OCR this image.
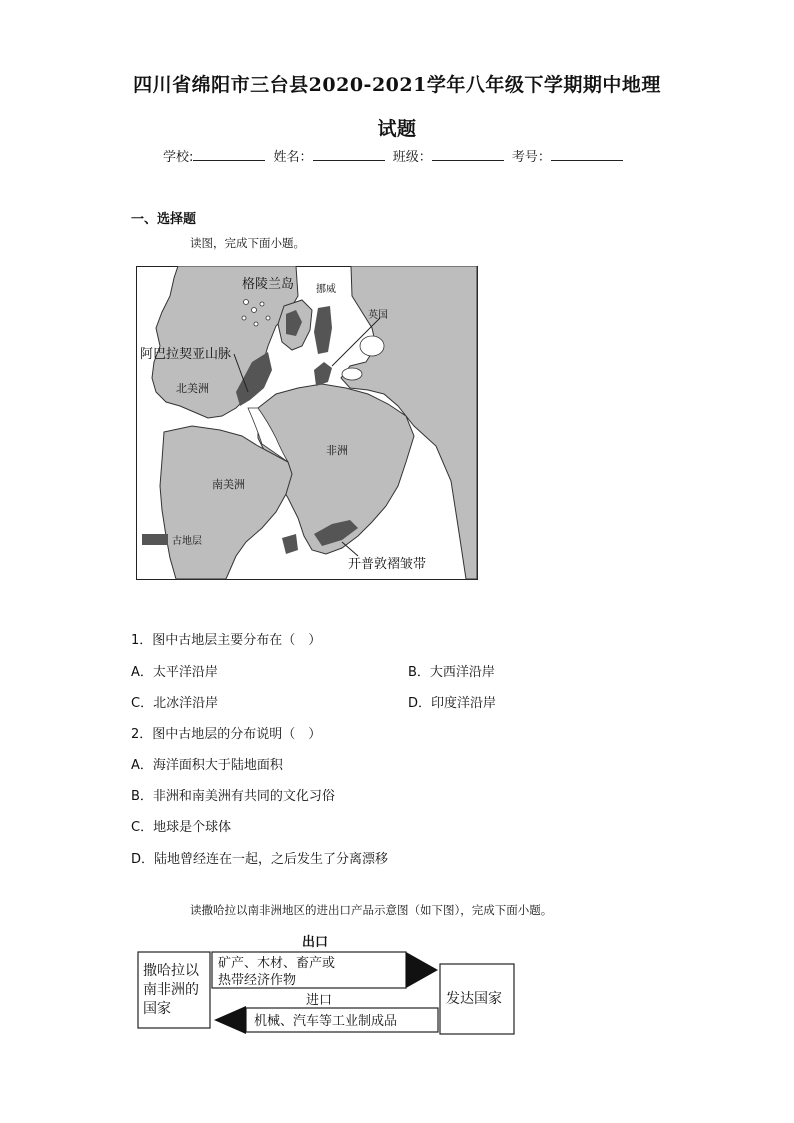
四川省绵阳市三台县2020-2021学年八年级下学期期中地理
试题
学校:	姓名：	班级：	考号：
一、选择题
读图，完成下面小题。
格陵兰岛 挪威
英国
阿巴拉契亚山脉
北美洲
非洲
南美洲
古地层
开普敦褶皱带
1．图中古地层主要分布在（　）
A．太平洋沿岸	B．大西洋沿岸
C．北冰洋沿岸	D．印度洋沿岸
2．图中古地层的分布说明（　）
A．海洋面积大于陆地面积
B．非洲和南美洲有共同的文化习俗
C．地球是个球体
D．陆地曾经连在一起，之后发生了分离漂移
读撒哈拉以南非洲地区的进出口产品示意图（如下图），完成下面小题。
出口
撒哈拉以
南非洲的
国家
发达国家
矿产、木材、畜产或
热带经济作物
进口
机械、汽车等工业制成品
